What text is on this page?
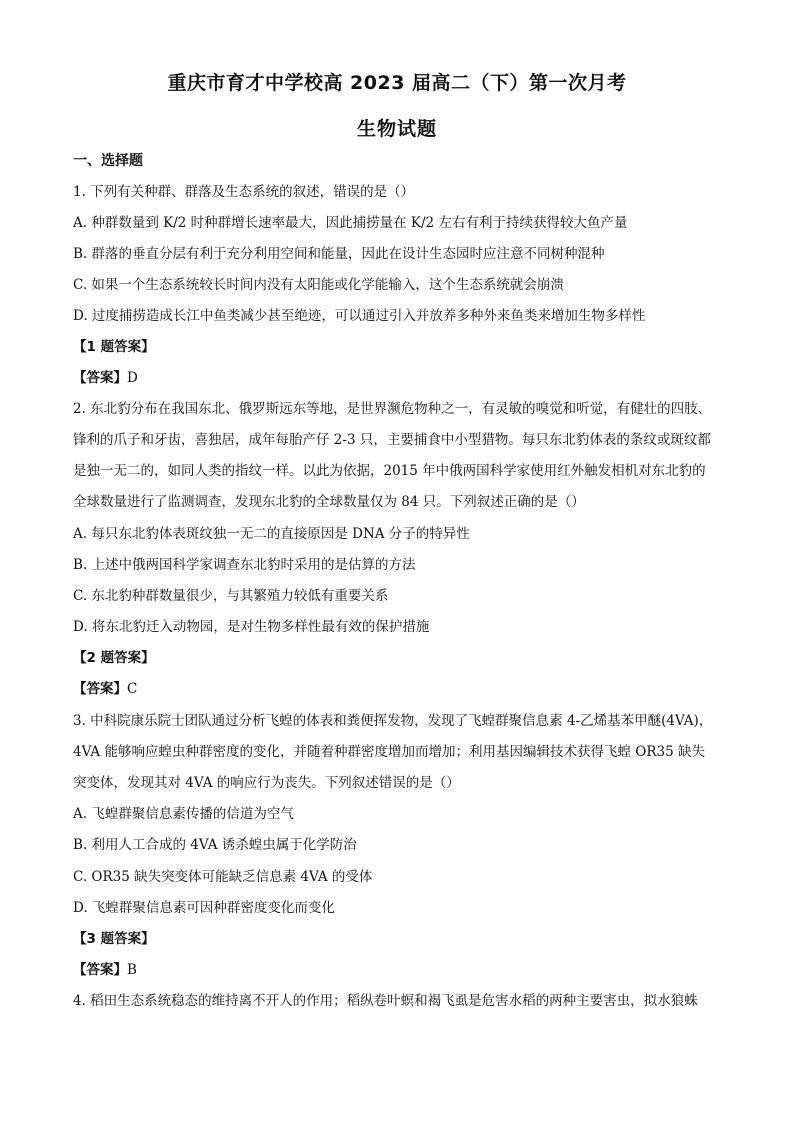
重庆市育才中学校高 2023 届高二（下）第一次月考
生物试题
一、选择题
1. 下列有关种群、群落及生态系统的叙述，错误的是（）
A. 种群数量到 K/2 时种群增长速率最大，因此捕捞量在 K/2 左右有利于持续获得较大鱼产量
B. 群落的垂直分层有利于充分利用空间和能量，因此在设计生态园时应注意不同树种混种
C. 如果一个生态系统较长时间内没有太阳能或化学能输入，这个生态系统就会崩溃
D. 过度捕捞造成长江中鱼类减少甚至绝迹，可以通过引入并放养多种外来鱼类来增加生物多样性
【1 题答案】
【答案】D
2. 东北豹分布在我国东北、俄罗斯远东等地，是世界濒危物种之一，有灵敏的嗅觉和听觉，有健壮的四肢、
锋利的爪子和牙齿，喜独居，成年每胎产仔 2-3 只，主要捕食中小型猎物。每只东北豹体表的条纹或斑纹都
是独一无二的，如同人类的指纹一样。以此为依据，2015 年中俄两国科学家使用红外触发相机对东北豹的
全球数量进行了监测调查，发现东北豹的全球数量仅为 84 只。下列叙述正确的是（）
A. 每只东北豹体表斑纹独一无二的直接原因是 DNA 分子的特异性
B. 上述中俄两国科学家调查东北豹时采用的是估算的方法
C. 东北豹种群数量很少，与其繁殖力较低有重要关系
D. 将东北豹迁入动物园，是对生物多样性最有效的保护措施
【2 题答案】
【答案】C
3. 中科院康乐院士团队通过分析飞蝗的体表和粪便挥发物，发现了飞蝗群聚信息素 4-乙烯基苯甲醚(4VA)，
4VA 能够响应蝗虫种群密度的变化，并随着种群密度增加而增加；利用基因编辑技术获得飞蝗 OR35 缺失
突变体，发现其对 4VA 的响应行为丧失。下列叙述错误的是（）
A. 飞蝗群聚信息素传播的信道为空气
B. 利用人工合成的 4VA 诱杀蝗虫属于化学防治
C. OR35 缺失突变体可能缺乏信息素 4VA 的受体
D. 飞蝗群聚信息素可因种群密度变化而变化
【3 题答案】
【答案】B
4. 稻田生态系统稳态的维持离不开人的作用；稻纵卷叶螟和褐飞虱是危害水稻的两种主要害虫，拟水狼蛛
